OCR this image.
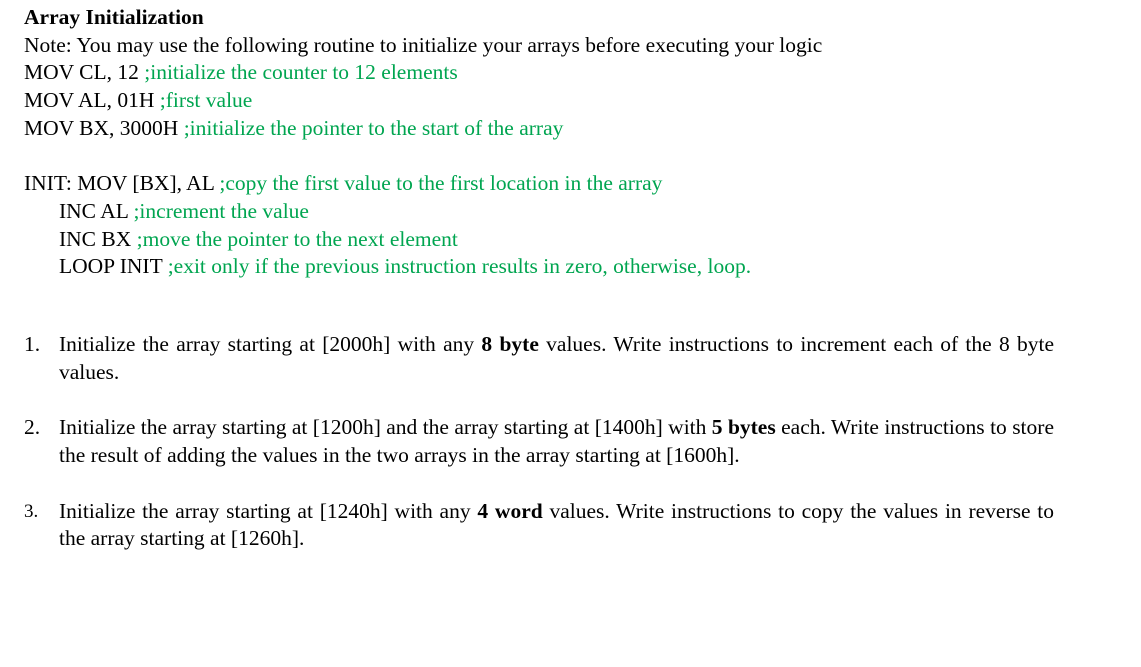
Array Initialization
Note: You may use the following routine to initialize your arrays before executing your logic
MOV CL, 12 ;initialize the counter to 12 elements
MOV AL, 01H ;first value
MOV BX, 3000H ;initialize the pointer to the start of the array
INIT: MOV [BX], AL ;copy the first value to the first location in the array
INC AL ;increment the value
INC BX ;move the pointer to the next element
LOOP INIT ;exit only if the previous instruction results in zero, otherwise, loop.
1. Initialize the array starting at [2000h] with any 8 byte values. Write instructions to increment each of the 8 byte values.
2. Initialize the array starting at [1200h] and the array starting at [1400h] with 5 bytes each. Write instructions to store the result of adding the values in the two arrays in the array starting at [1600h].
3. Initialize the array starting at [1240h] with any 4 word values. Write instructions to copy the values in reverse to the array starting at [1260h].
